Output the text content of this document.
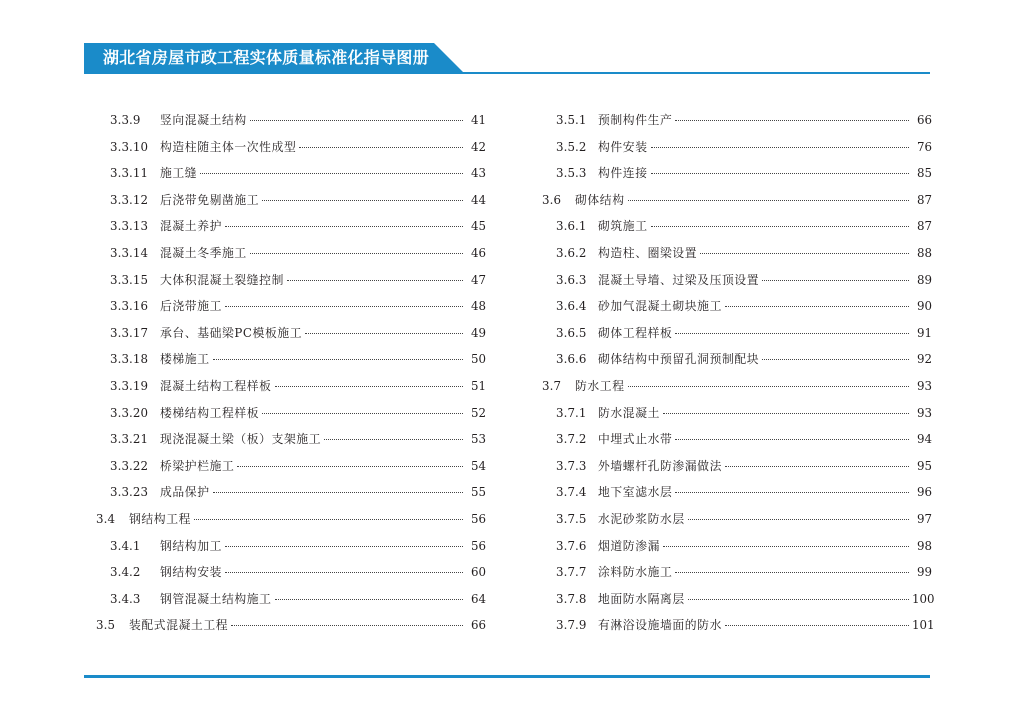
湖北省房屋市政工程实体质量标准化指导图册
3.3.9	竖向混凝土结构	41
3.3.10	构造柱随主体一次性成型	42
3.3.11	施工缝	43
3.3.12	后浇带免剔凿施工	44
3.3.13	混凝土养护	45
3.3.14	混凝土冬季施工	46
3.3.15	大体积混凝土裂缝控制	47
3.3.16	后浇带施工	48
3.3.17	承台、基础梁PC模板施工	49
3.3.18	楼梯施工	50
3.3.19	混凝土结构工程样板	51
3.3.20	楼梯结构工程样板	52
3.3.21	现浇混凝土梁（板）支架施工	53
3.3.22	桥梁护栏施工	54
3.3.23	成品保护	55
3.4	钢结构工程	56
3.4.1	钢结构加工	56
3.4.2	钢结构安装	60
3.4.3	钢管混凝土结构施工	64
3.5	装配式混凝土工程	66
3.5.1 预制构件生产	66
3.5.2 构件安装	76
3.5.3 构件连接	85
3.6	砌体结构	87
3.6.1 砌筑施工	87
3.6.2 构造柱、圈梁设置	88
3.6.3 混凝土导墙、过梁及压顶设置	89
3.6.4 砂加气混凝土砌块施工	90
3.6.5 砌体工程样板	91
3.6.6 砌体结构中预留孔洞预制配块	92
3.7	防水工程	93
3.7.1 防水混凝土	93
3.7.2 中埋式止水带	94
3.7.3 外墙螺杆孔防渗漏做法	95
3.7.4 地下室滤水层	96
3.7.5 水泥砂浆防水层	97
3.7.6 烟道防渗漏	98
3.7.7 涂料防水施工	99
3.7.8 地面防水隔离层	100
3.7.9 有淋浴设施墙面的防水	101
